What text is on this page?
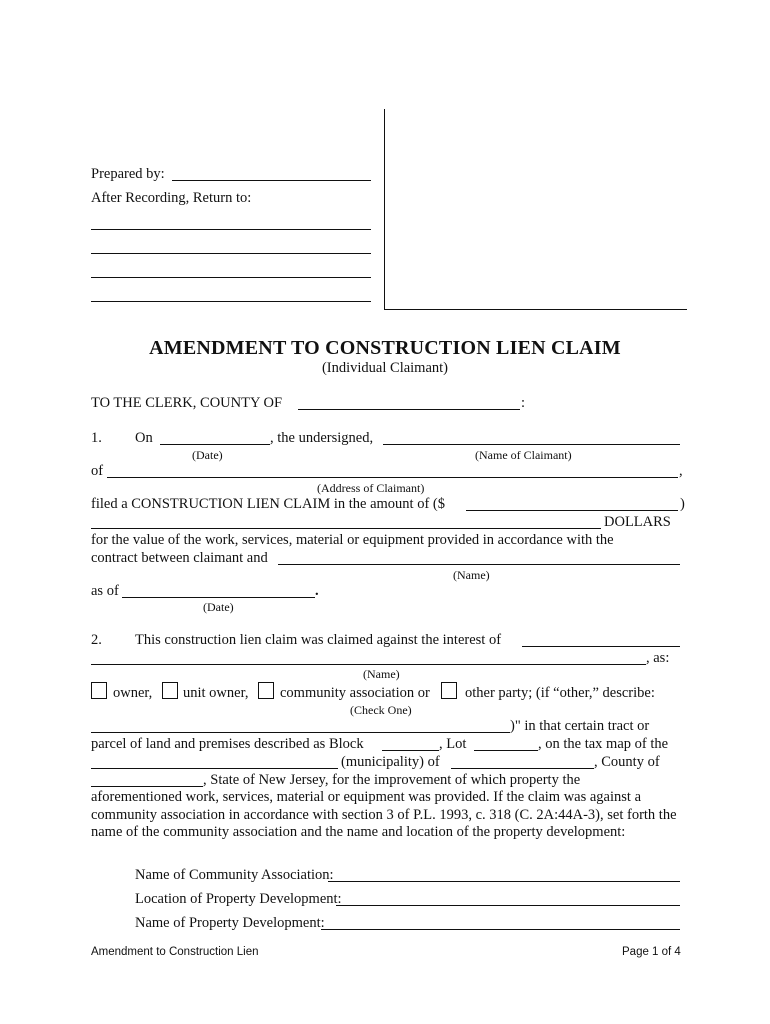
Prepared by:
After Recording, Return to:
AMENDMENT TO CONSTRUCTION LIEN CLAIM
(Individual Claimant)
TO THE CLERK, COUNTY OF	:
1. On	, the undersigned,
(Date)	(Name of Claimant)
of	,
(Address of Claimant)
filed a CONSTRUCTION LIEN CLAIM in the amount of ($	)
DOLLARS
for the value of the work, services, material or equipment provided in accordance with the
contract between claimant and
(Name)
as of	.
(Date)
2. This construction lien claim was claimed against the interest of
, as:
(Name)
owner, unit owner, community association or other party; (if “other,” describe:
(Check One)
)" in that certain tract or
parcel of land and premises described as Block	, Lot	, on the tax map of the
(municipality) of	, County of
, State of New Jersey, for the improvement of which property the
aforementioned work, services, material or equipment was provided. If the claim was against a community association in accordance with section 3 of P.L. 1993, c. 318 (C. 2A:44A-3), set forth the name of the community association and the name and location of the property development:
Name of Community Association:
Location of Property Development:
Name of Property Development:
Amendment to Construction Lien	Page 1 of 4
